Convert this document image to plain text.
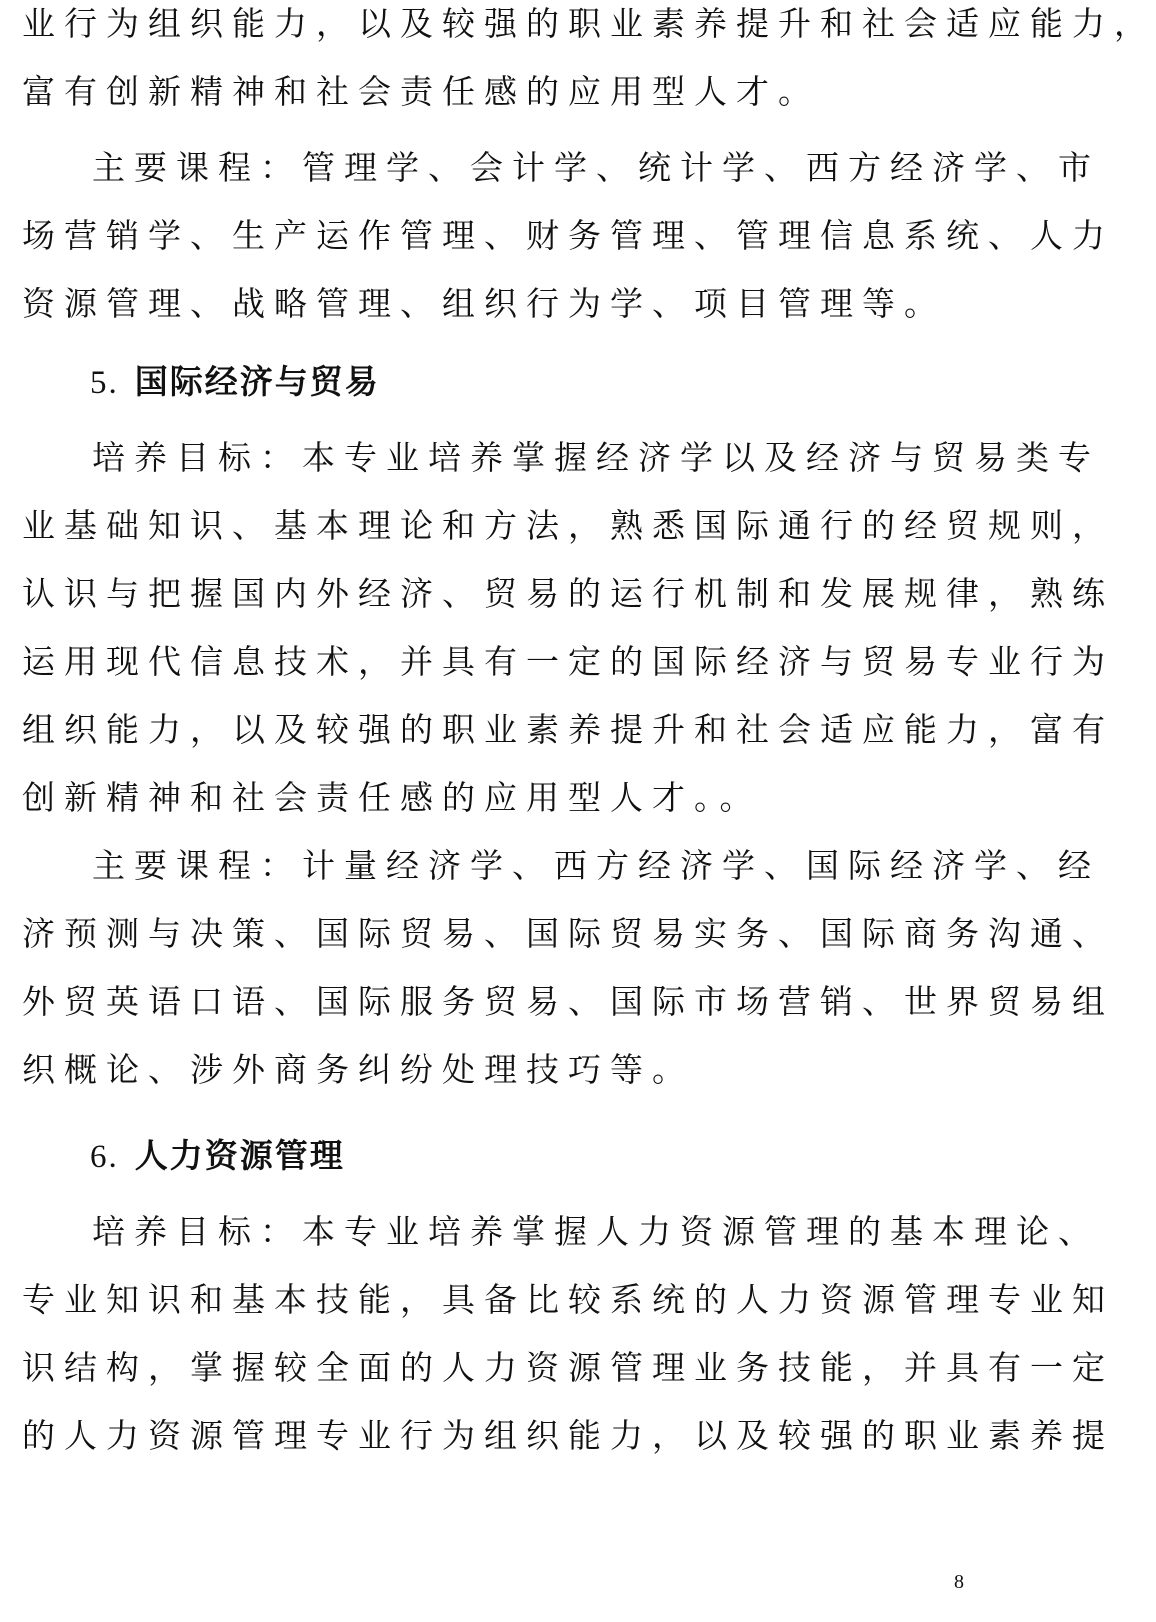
业行为组织能力，以及较强的职业素养提升和社会适应能力，
富有创新精神和社会责任感的应用型人才。
主要课程：管理学、会计学、统计学、西方经济学、市
场营销学、生产运作管理、财务管理、管理信息系统、人力
资源管理、战略管理、组织行为学、项目管理等。
5. 国际经济与贸易
培养目标：本专业培养掌握经济学以及经济与贸易类专
业基础知识、基本理论和方法，熟悉国际通行的经贸规则，
认识与把握国内外经济、贸易的运行机制和发展规律，熟练
运用现代信息技术，并具有一定的国际经济与贸易专业行为
组织能力，以及较强的职业素养提升和社会适应能力，富有
创新精神和社会责任感的应用型人才。。
主要课程：计量经济学、西方经济学、国际经济学、经
济预测与决策、国际贸易、国际贸易实务、国际商务沟通、
外贸英语口语、国际服务贸易、国际市场营销、世界贸易组
织概论、涉外商务纠纷处理技巧等。
6. 人力资源管理
培养目标：本专业培养掌握人力资源管理的基本理论、
专业知识和基本技能，具备比较系统的人力资源管理专业知
识结构，掌握较全面的人力资源管理业务技能，并具有一定
的人力资源管理专业行为组织能力，以及较强的职业素养提
8
